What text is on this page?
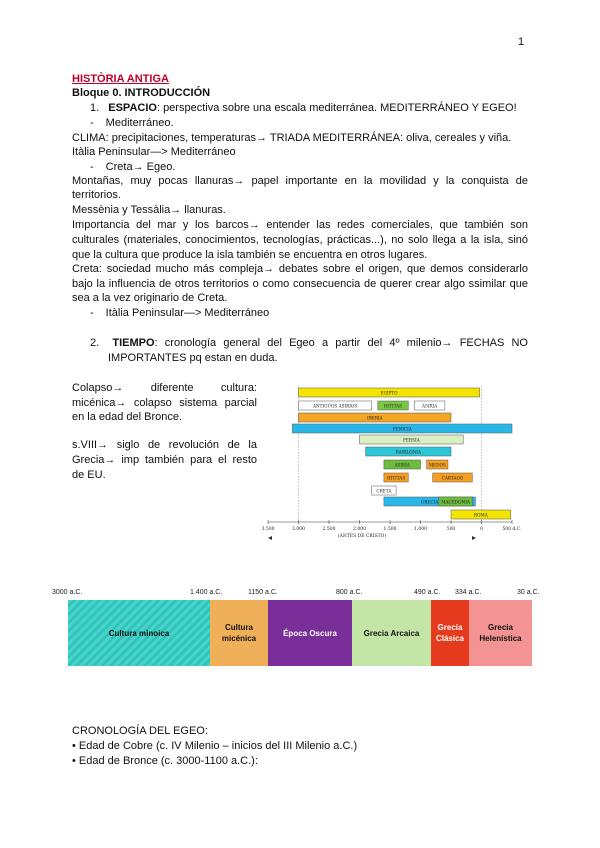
1
HISTÒRIA ANTIGA
Bloque 0. INTRODUCCIÓN
1. ESPACIO: perspectiva sobre una escala mediterránea. MEDITERRÁNEO Y EGEO!
- Mediterráneo.
CLIMA: precipitaciones, temperaturas→ TRIADA MEDITERRÁNEA: oliva, cereales y viña.
Itàlia Peninsular—> Mediterráneo
- Creta→ Egeo.
Montañas, muy pocas llanuras→ papel importante en la movilidad y la conquista de
territorios.
Messènia y Tessàlia→ llanuras.
Importancia del mar y los barcos→ entender las redes comerciales, que también son
culturales (materiales, conocimientos, tecnologías, prácticas...), no solo llega a la isla, sinó
que la cultura que produce la isla también se encuentra en otros lugares.
Creta: sociedad mucho más compleja→ debates sobre el origen, que demos considerarlo
bajo la influencia de otros territorios o como consecuencia de querer crear algo ssimilar que
sea a la vez originario de Creta.
- Itàlia Peninsular—> Mediterráneo
2. TIEMPO: cronología general del Egeo a partir del 4º milenio→ FECHAS NO
IMPORTANTES pq estan en duda.
Colapso→ diferente cultura:
micénica→ colapso sistema parcial
en la edad del Bronce.
s.VIII→ siglo de revolución de la
Grecia→ imp también para el resto
de EU.
EGIPTO
ANTIGUOS ASIRIOS	HITITAS	ASIRIA
IBERIA
FENICIA
PERSIA
BABILONIA
ASIRIA	MEDOS
HITITAS	CARTAGO
CRETA
GRECIA MACEDONIA
ROMA
3.500	3.000	2.500	2.000	1.500	1.000	500	0	500 d.C.
(ANTES DE CRISTO)
3000 a.C.	1.400 a.C.	1150 a.C.	800 a.C.	490 a.C. 334 a.C.	30 a.C.
Cultura minoica
Cultura micénica
Época Oscura	Grecia Arcaica
Grecia Clásica
Grecia Helenística
CRONOLOGÍA DEL EGEO:
• Edad de Cobre (c. IV Milenio – inicios del III Milenio a.C.)
• Edad de Bronce (c. 3000-1100 a.C.):
